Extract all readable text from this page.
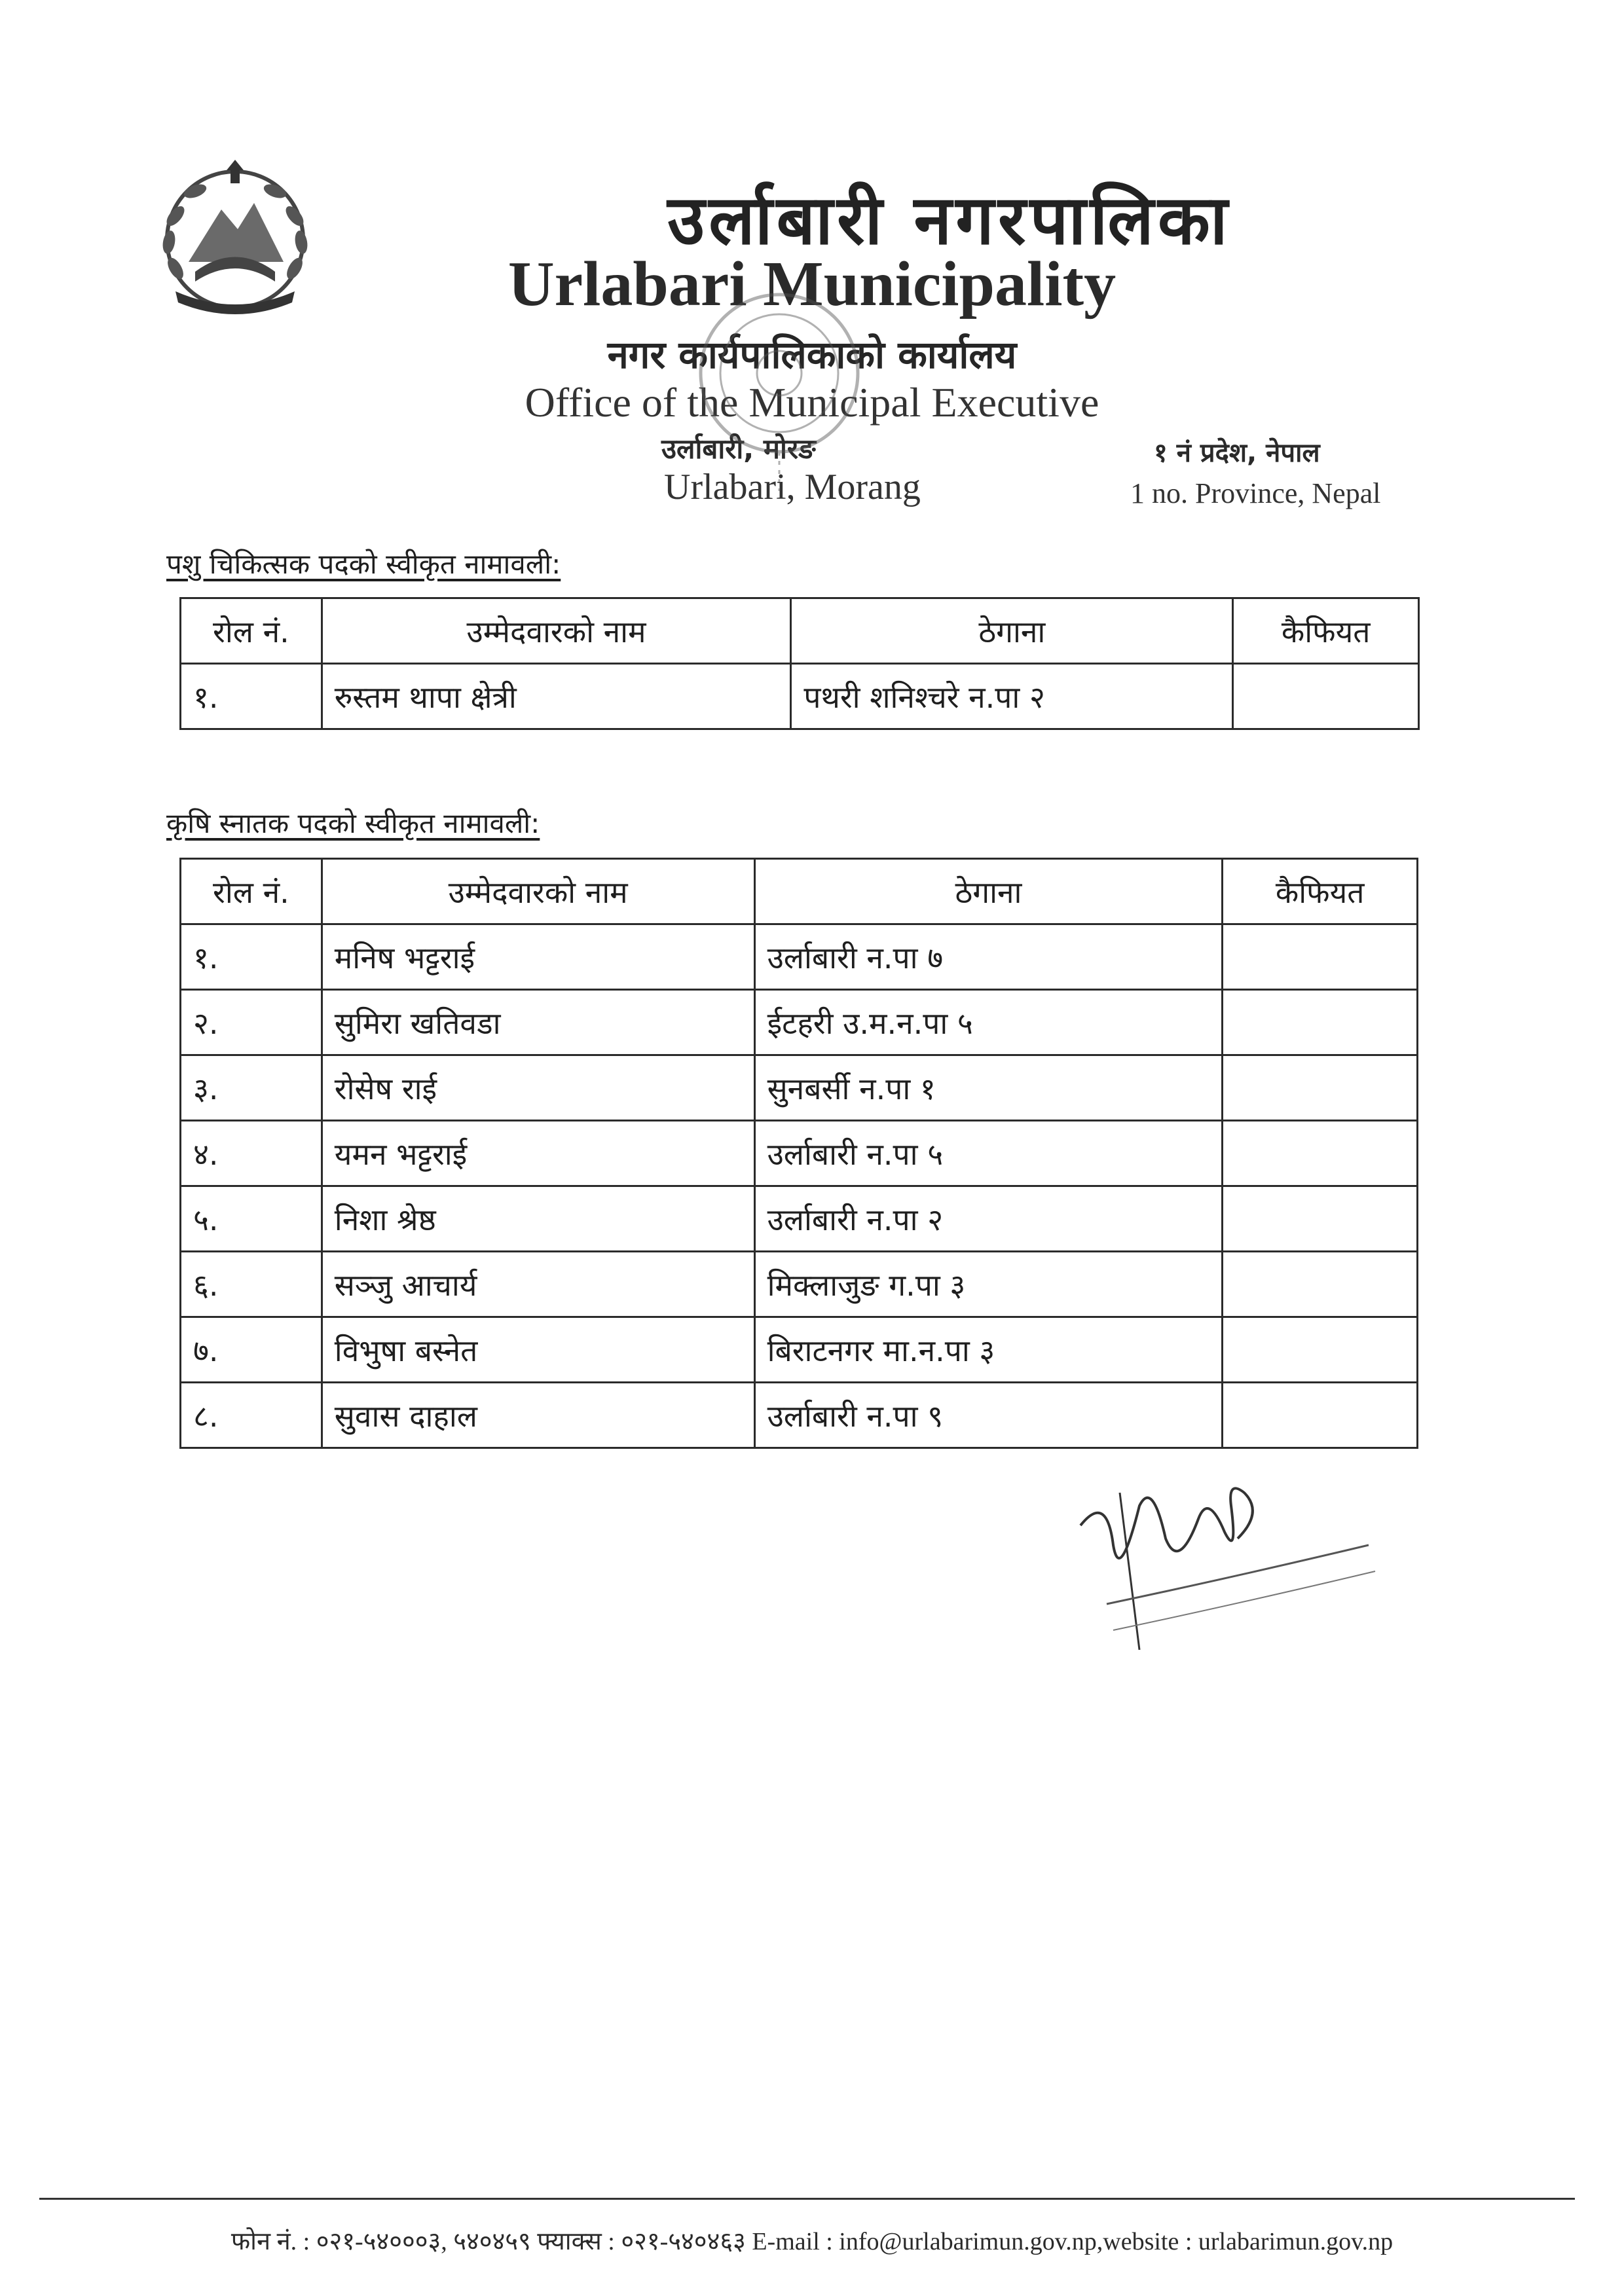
उर्लाबारी नगरपालिका
Urlabari Municipality
नगर कार्यपालिकाको कार्यालय
Office of the Municipal Executive
उर्लाबारी, मोरङ
Urlabari, Morang
१ नं प्रदेश, नेपाल
1 no. Province, Nepal
पशु चिकित्सक पदको स्वीकृत नामावली:
रोल नं.	उम्मेदवारको नाम	ठेगाना	कैफियत
१.	रुस्तम थापा क्षेत्री	पथरी शनिश्चरे न.पा २	
कृषि स्नातक पदको स्वीकृत नामावली:
रोल नं.	उम्मेदवारको नाम	ठेगाना	कैफियत
१.	मनिष भट्टराई	उर्लाबारी न.पा ७	
२.	सुमिरा खतिवडा	ईटहरी उ.म.न.पा ५	
३.	रोसेष राई	सुनबर्सी न.पा १	
४.	यमन भट्टराई	उर्लाबारी न.पा ५	
५.	निशा श्रेष्ठ	उर्लाबारी न.पा २	
६.	सञ्जु आचार्य	मिक्लाजुङ ग.पा ३	
७.	विभुषा बस्नेत	बिराटनगर मा.न.पा ३	
८.	सुवास दाहाल	उर्लाबारी न.पा ९	
फोन नं. : ०२१-५४०००३, ५४०४५९ फ्याक्स : ०२१-५४०४६३ E-mail : info@urlabarimun.gov.np,website : urlabarimun.gov.np
